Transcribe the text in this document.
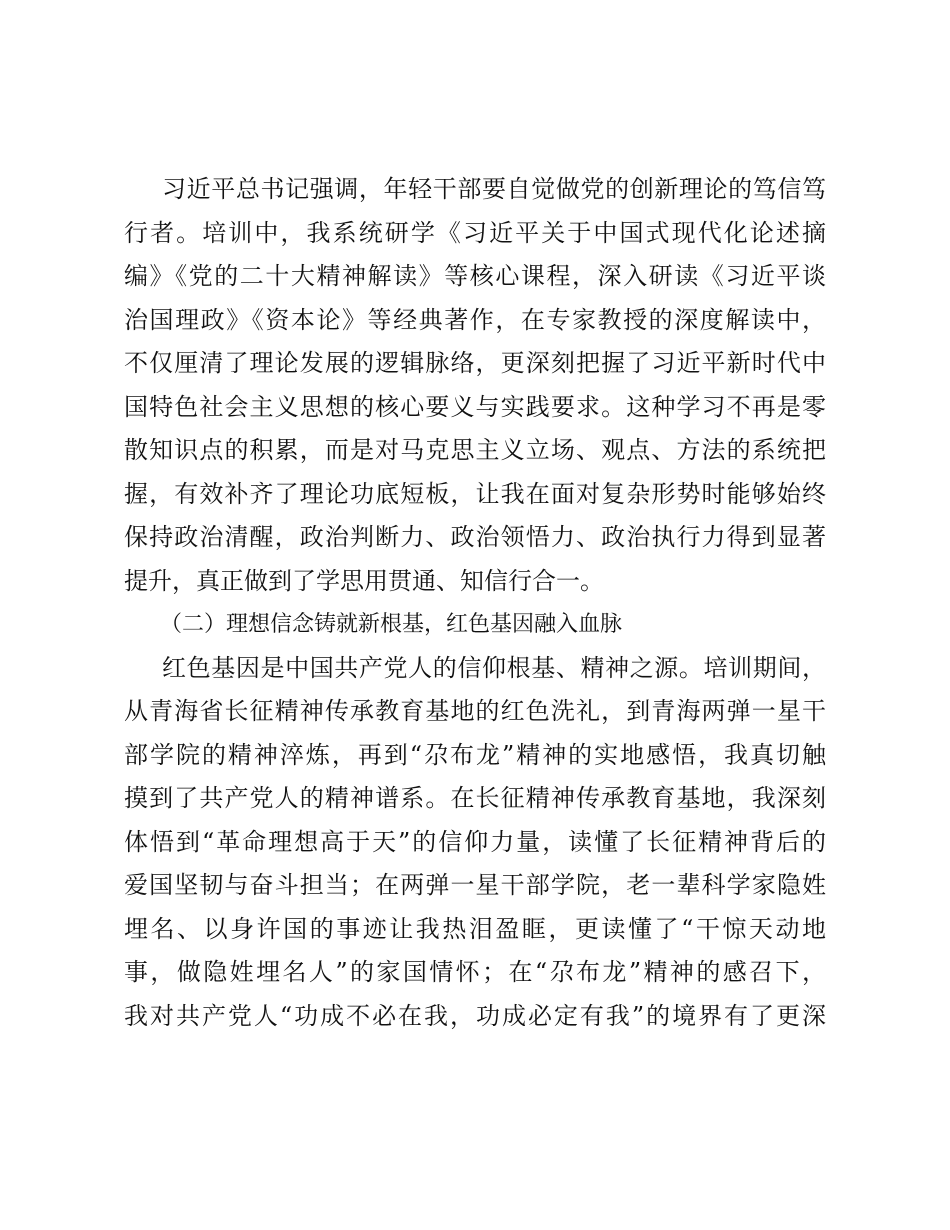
习近平总书记强调，年轻干部要自觉做党的创新理论的笃信笃
行者。培训中，我系统研学《习近平关于中国式现代化论述摘
编》《党的二十大精神解读》等核心课程，深入研读《习近平谈
治国理政》《资本论》等经典著作，在专家教授的深度解读中，
不仅厘清了理论发展的逻辑脉络，更深刻把握了习近平新时代中
国特色社会主义思想的核心要义与实践要求。这种学习不再是零
散知识点的积累，而是对马克思主义立场、观点、方法的系统把
握，有效补齐了理论功底短板，让我在面对复杂形势时能够始终
保持政治清醒，政治判断力、政治领悟力、政治执行力得到显著
提升，真正做到了学思用贯通、知信行合一。
（二）理想信念铸就新根基，红色基因融入血脉
红色基因是中国共产党人的信仰根基、精神之源。培训期间，
从青海省长征精神传承教育基地的红色洗礼，到青海两弹一星干
部学院的精神淬炼，再到“尕布龙”精神的实地感悟，我真切触
摸到了共产党人的精神谱系。在长征精神传承教育基地，我深刻
体悟到“革命理想高于天”的信仰力量，读懂了长征精神背后的
爱国坚韧与奋斗担当；在两弹一星干部学院，老一辈科学家隐姓
埋名、以身许国的事迹让我热泪盈眶，更读懂了“干惊天动地
事，做隐姓埋名人”的家国情怀；在“尕布龙”精神的感召下，
我对共产党人“功成不必在我，功成必定有我”的境界有了更深
